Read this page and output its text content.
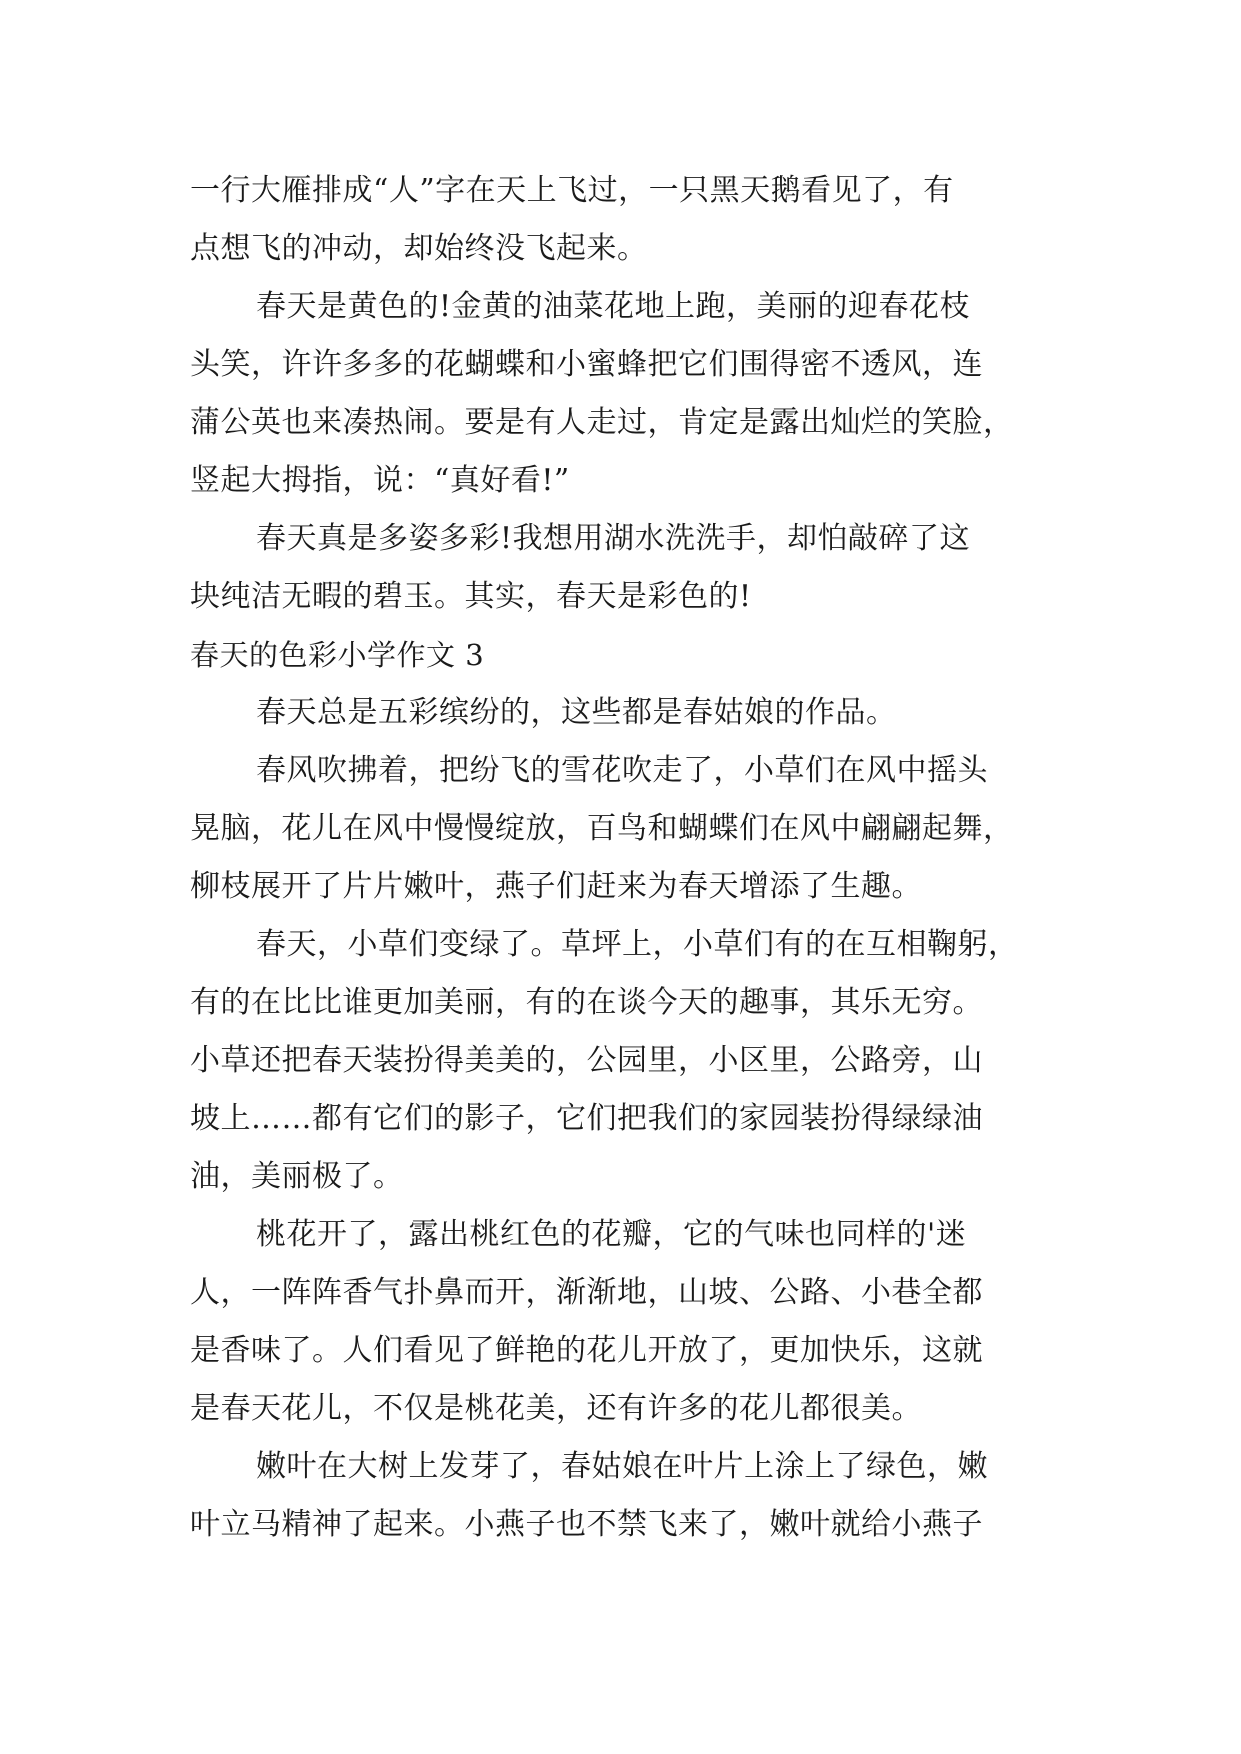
一行大雁排成“人”字在天上飞过，一只黑天鹅看见了，有
点想飞的冲动，却始终没飞起来。
春天是黄色的!金黄的油菜花地上跑，美丽的迎春花枝
头笑，许许多多的花蝴蝶和小蜜蜂把它们围得密不透风，连
蒲公英也来凑热闹。要是有人走过，肯定是露出灿烂的笑脸，
竖起大拇指，说：“真好看!”
春天真是多姿多彩!我想用湖水洗洗手，却怕敲碎了这
块纯洁无暇的碧玉。其实，春天是彩色的!
春天的色彩小学作文 3
春天总是五彩缤纷的，这些都是春姑娘的作品。
春风吹拂着，把纷飞的雪花吹走了，小草们在风中摇头
晃脑，花儿在风中慢慢绽放，百鸟和蝴蝶们在风中翩翩起舞，
柳枝展开了片片嫩叶，燕子们赶来为春天增添了生趣。
春天，小草们变绿了。草坪上，小草们有的在互相鞠躬，
有的在比比谁更加美丽，有的在谈今天的趣事，其乐无穷。
小草还把春天装扮得美美的，公园里，小区里，公路旁，山
坡上……都有它们的影子，它们把我们的家园装扮得绿绿油
油，美丽极了。
桃花开了，露出桃红色的花瓣，它的气味也同样的'迷
人，一阵阵香气扑鼻而开，渐渐地，山坡、公路、小巷全都
是香味了。人们看见了鲜艳的花儿开放了，更加快乐，这就
是春天花儿，不仅是桃花美，还有许多的花儿都很美。
嫩叶在大树上发芽了，春姑娘在叶片上涂上了绿色，嫩
叶立马精神了起来。小燕子也不禁飞来了，嫩叶就给小燕子
